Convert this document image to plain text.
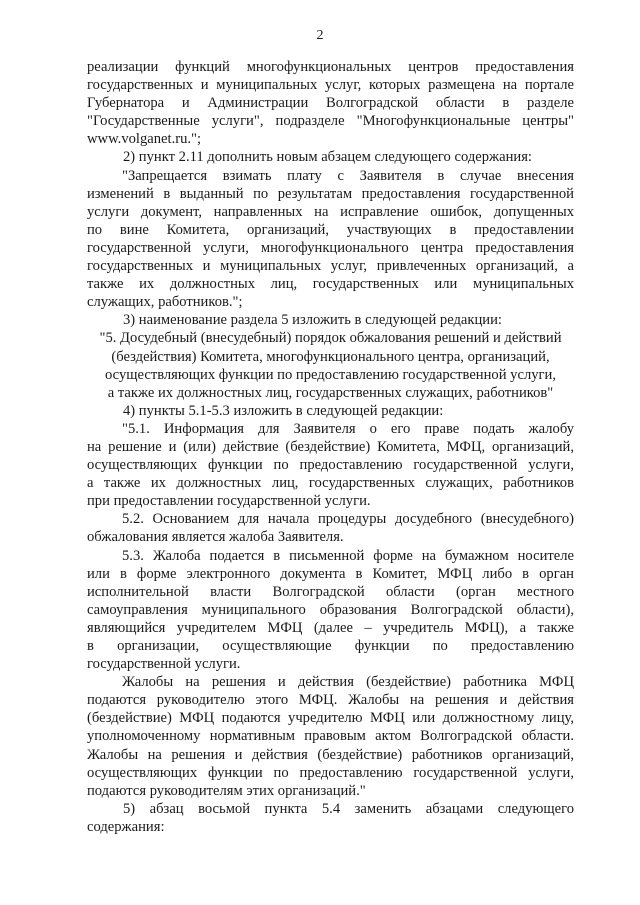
2
реализации функций многофункциональных центров предоставления
государственных и муниципальных услуг, которых размещена на портале
Губернатора и Администрации Волгоградской области в разделе
"Государственные услуги", подразделе "Многофункциональные центры"
www.volganet.ru.";
2) пункт 2.11 дополнить новым абзацем следующего содержания:
"Запрещается взимать плату с Заявителя в случае внесения
изменений в выданный по результатам предоставления государственной
услуги документ, направленных на исправление ошибок, допущенных
по вине Комитета, организаций, участвующих в предоставлении
государственной услуги, многофункционального центра предоставления
государственных и муниципальных услуг, привлеченных организаций, а
также их должностных лиц, государственных или муниципальных
служащих, работников.";
3) наименование раздела 5 изложить в следующей редакции:
"5. Досудебный (внесудебный) порядок обжалования решений и действий
(бездействия) Комитета, многофункционального центра, организаций,
осуществляющих функции по предоставлению государственной услуги,
а также их должностных лиц, государственных служащих, работников"
4) пункты 5.1-5.3 изложить в следующей редакции:
"5.1. Информация для Заявителя о его праве подать жалобу
на решение и (или) действие (бездействие) Комитета, МФЦ, организаций,
осуществляющих функции по предоставлению государственной услуги,
а также их должностных лиц, государственных служащих, работников
при предоставлении государственной услуги.
5.2. Основанием для начала процедуры досудебного (внесудебного)
обжалования является жалоба Заявителя.
5.3. Жалоба подается в письменной форме на бумажном носителе
или в форме электронного документа в Комитет, МФЦ либо в орган
исполнительной власти Волгоградской области (орган местного
самоуправления муниципального образования Волгоградской области),
являющийся учредителем МФЦ (далее – учредитель МФЦ), а также
в организации, осуществляющие функции по предоставлению
государственной услуги.
Жалобы на решения и действия (бездействие) работника МФЦ
подаются руководителю этого МФЦ. Жалобы на решения и действия
(бездействие) МФЦ подаются учредителю МФЦ или должностному лицу,
уполномоченному нормативным правовым актом Волгоградской области.
Жалобы на решения и действия (бездействие) работников организаций,
осуществляющих функции по предоставлению государственной услуги,
подаются руководителям этих организаций."
5) абзац восьмой пункта 5.4 заменить абзацами следующего
содержания:
